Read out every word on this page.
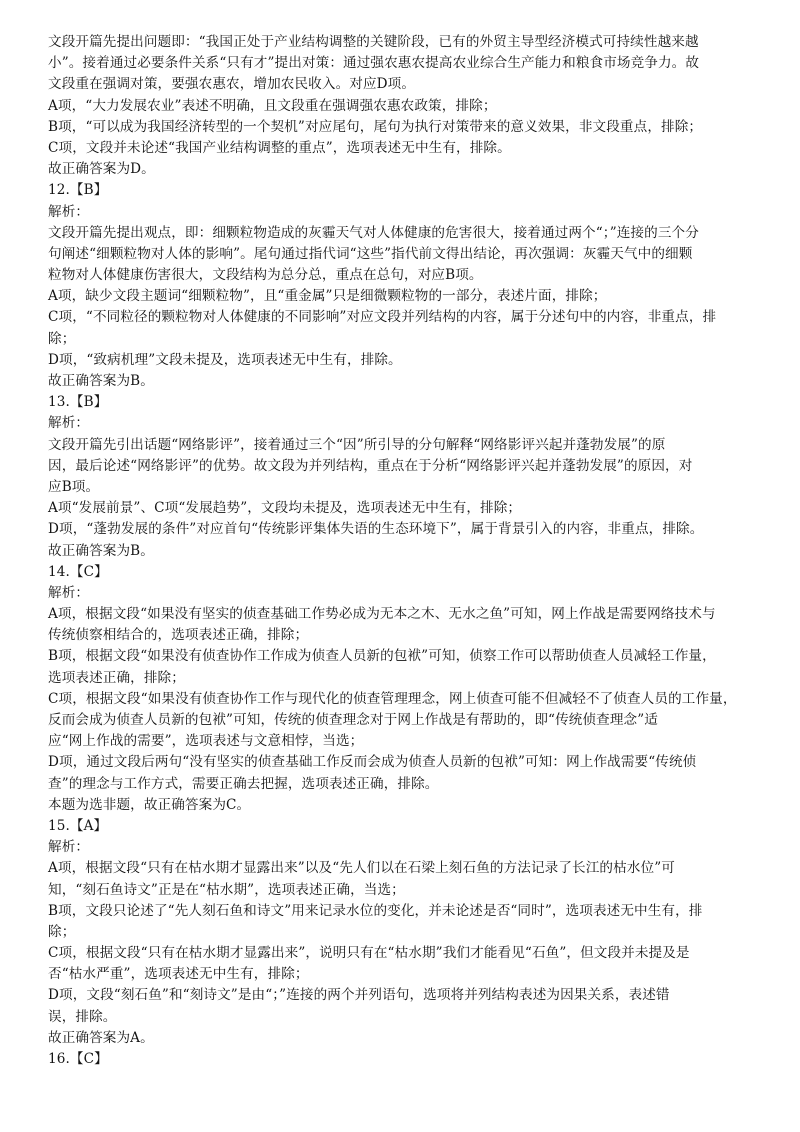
文段开篇先提出问题即：“我国正处于产业结构调整的关键阶段，已有的外贸主导型经济模式可持续性越来越
小”。接着通过必要条件关系“只有才”提出对策：通过强农惠农提高农业综合生产能力和粮食市场竞争力。故
文段重在强调对策，要强农惠农，增加农民收入。对应D项。
A项，“大力发展农业”表述不明确，且文段重在强调强农惠农政策，排除；
B项，“可以成为我国经济转型的一个契机”对应尾句，尾句为执行对策带来的意义效果，非文段重点，排除；
C项，文段并未论述“我国产业结构调整的重点”，选项表述无中生有，排除。
故正确答案为D。
12.【B】
解析：
文段开篇先提出观点，即：细颗粒物造成的灰霾天气对人体健康的危害很大，接着通过两个“；”连接的三个分
句阐述“细颗粒物对人体的影响”。尾句通过指代词“这些”指代前文得出结论，再次强调：灰霾天气中的细颗
粒物对人体健康伤害很大，文段结构为总分总，重点在总句，对应B项。
A项，缺少文段主题词“细颗粒物”，且“重金属”只是细微颗粒物的一部分，表述片面，排除；
C项，“不同粒径的颗粒物对人体健康的不同影响”对应文段并列结构的内容，属于分述句中的内容，非重点，排
除；
D项，“致病机理”文段未提及，选项表述无中生有，排除。
故正确答案为B。
13.【B】
解析：
文段开篇先引出话题“网络影评”，接着通过三个“因”所引导的分句解释“网络影评兴起并蓬勃发展”的原
因，最后论述“网络影评”的优势。故文段为并列结构，重点在于分析“网络影评兴起并蓬勃发展”的原因，对
应B项。
A项“发展前景”、C项“发展趋势”，文段均未提及，选项表述无中生有，排除；
D项，“蓬勃发展的条件”对应首句“传统影评集体失语的生态环境下”，属于背景引入的内容，非重点，排除。
故正确答案为B。
14.【C】
解析：
A项，根据文段“如果没有坚实的侦查基础工作势必成为无本之木、无水之鱼”可知，网上作战是需要网络技术与
传统侦察相结合的，选项表述正确，排除；
B项，根据文段“如果没有侦查协作工作成为侦查人员新的包袱”可知，侦察工作可以帮助侦查人员减轻工作量，
选项表述正确，排除；
C项，根据文段“如果没有侦查协作工作与现代化的侦查管理理念，网上侦查可能不但减轻不了侦查人员的工作量，
反而会成为侦查人员新的包袱”可知，传统的侦查理念对于网上作战是有帮助的，即“传统侦查理念”适
应“网上作战的需要”，选项表述与文意相悖，当选；
D项，通过文段后两句“没有坚实的侦查基础工作反而会成为侦查人员新的包袱”可知：网上作战需要“传统侦
查”的理念与工作方式，需要正确去把握，选项表述正确，排除。
本题为选非题，故正确答案为C。
15.【A】
解析：
A项，根据文段“只有在枯水期才显露出来”以及“先人们以在石梁上刻石鱼的方法记录了长江的枯水位”可
知，“刻石鱼诗文”正是在“枯水期”，选项表述正确，当选；
B项，文段只论述了“先人刻石鱼和诗文”用来记录水位的变化，并未论述是否“同时”，选项表述无中生有，排
除；
C项，根据文段“只有在枯水期才显露出来”，说明只有在“枯水期”我们才能看见“石鱼”，但文段并未提及是
否“枯水严重”，选项表述无中生有，排除；
D项，文段“刻石鱼”和“刻诗文”是由“；”连接的两个并列语句，选项将并列结构表述为因果关系，表述错
误，排除。
故正确答案为A。
16.【C】
